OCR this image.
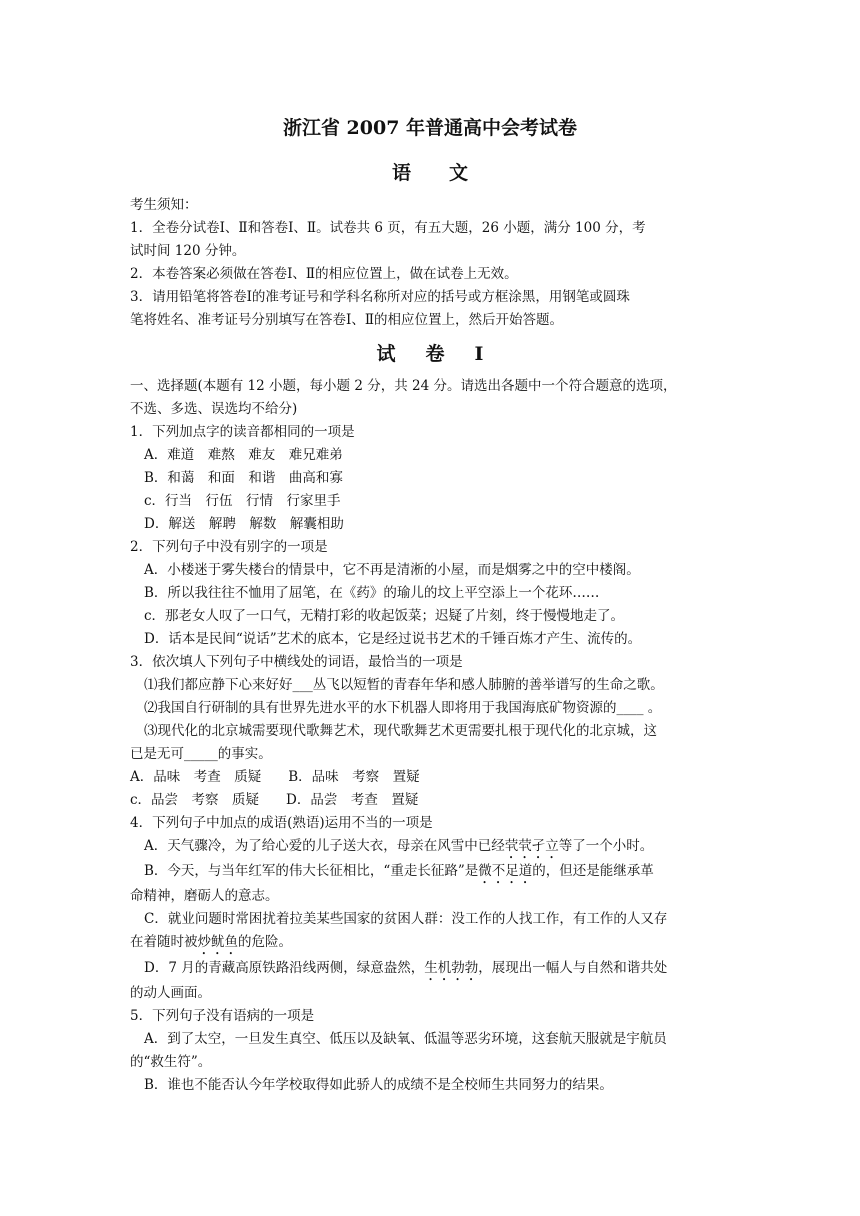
浙江省 2007 年普通高中会考试卷
语文
考生须知：
1．全卷分试卷Ⅰ、Ⅱ和答卷Ⅰ、Ⅱ。试卷共 6 页，有五大题，26 小题，满分 100 分，考
试时间 120 分钟。
2．本卷答案必须做在答卷Ⅰ、Ⅱ的相应位置上，做在试卷上无效。
3．请用铅笔将答卷Ⅰ的准考证号和学科名称所对应的括号或方框涂黑，用钢笔或圆珠
笔将姓名、准考证号分别填写在答卷Ⅰ、Ⅱ的相应位置上，然后开始答题。
试卷Ⅰ
一、选择题(本题有 12 小题，每小题 2 分，共 24 分。请选出各题中一个符合题意的选项，
不选、多选、误选均不给分)
1．下列加点字的读音都相同的一项是
A．难道　难熬　难友　难兄难弟
B．和蔼　和面　和谐　曲高和寡
c．行当　行伍　行情　行家里手
D．解送　解聘　解数　解囊相助
2．下列句子中没有别字的一项是
A．小楼迷于雾失楼台的情景中，它不再是清淅的小屋，而是烟雾之中的空中楼阁。
B．所以我往往不恤用了屈笔，在《药》的瑜儿的坟上平空添上一个花环……
c．那老女人叹了一口气，无精打彩的收起饭菜；迟疑了片刻，终于慢慢地走了。
D．话本是民间“说话”艺术的底本，它是经过说书艺术的千锤百炼才产生、流传的。
3．依次填人下列句子中横线处的词语，最恰当的一项是
⑴我们都应静下心来好好___丛飞以短暂的青春年华和感人肺腑的善举谱写的生命之歌。
⑵我国自行研制的具有世界先进水平的水下机器人即将用于我国海底矿物资源的____ 。
⑶现代化的北京城需要现代歌舞艺术，现代歌舞艺术更需要扎根于现代化的北京城，这
已是无可_____的事实。
A．品味　考查　质疑　　B．品味　考察　置疑
c．品尝　考察　质疑　　D．品尝　考查　置疑
4．下列句子中加点的成语(熟语)运用不当的一项是
A．天气骤冷，为了给心爱的儿子送大衣，母亲在风雪中已经茕茕孑立等了一个小时。
B．今天，与当年红军的伟大长征相比，“重走长征路”是微不足道的，但还是能继承革
命精神，磨砺人的意志。
C．就业问题时常困扰着拉美某些国家的贫困人群：没工作的人找工作，有工作的人又存
在着随时被炒鱿鱼的危险。
D．7 月的青藏高原铁路沿线两侧，绿意盎然，生机勃勃，展现出一幅人与自然和谐共处
的动人画面。
5．下列句子没有语病的一项是
A．到了太空，一旦发生真空、低压以及缺氧、低温等恶劣环境，这套航天服就是宇航员
的“救生符”。
B．谁也不能否认今年学校取得如此骄人的成绩不是全校师生共同努力的结果。
